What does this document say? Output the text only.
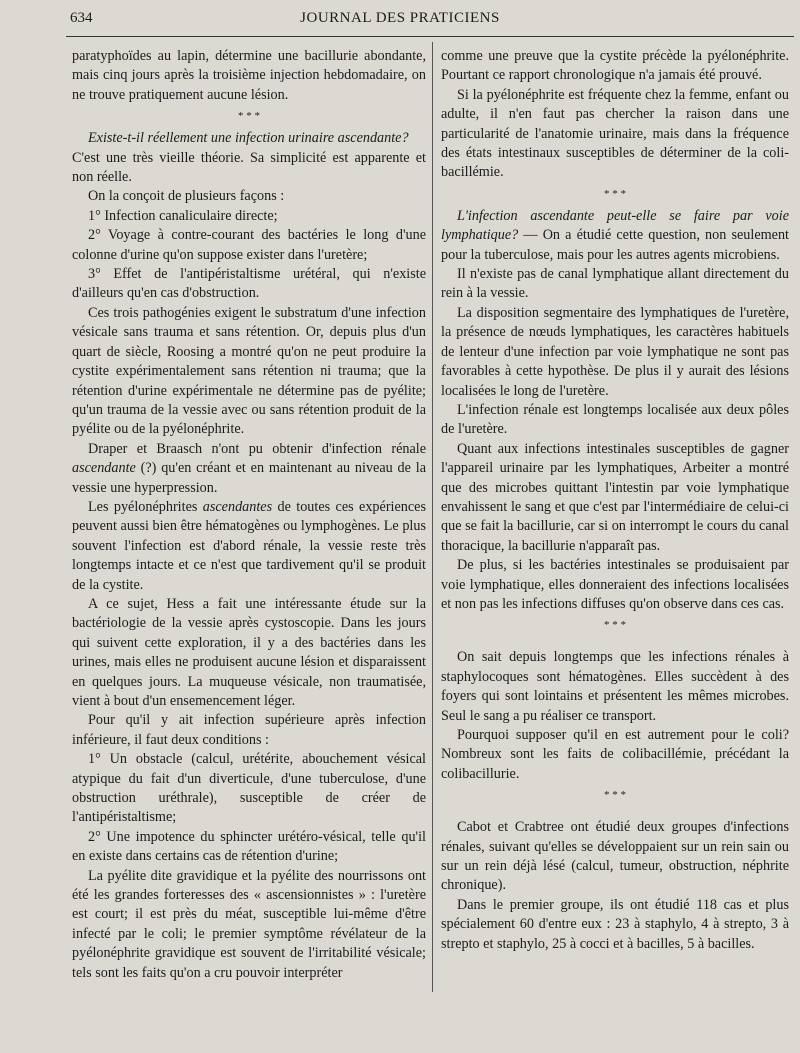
634	JOURNAL DES PRATICIENS

paratyphoïdes au lapin, détermine une bacillurie abondante, mais cinq jours après la troisième injection hebdomadaire, on ne trouve pratiquement aucune lésion.

* * *

Existe-t-il réellement une infection urinaire ascendante?

C'est une très vieille théorie. Sa simplicité est apparente et non réelle.

On la conçoit de plusieurs façons :

1° Infection canaliculaire directe;

2° Voyage à contre-courant des bactéries le long d'une colonne d'urine qu'on suppose exister dans l'uretère;

3° Effet de l'antipéristaltisme urétéral, qui n'existe d'ailleurs qu'en cas d'obstruction.

Ces trois pathogénies exigent le substratum d'une infection vésicale sans trauma et sans rétention. Or, depuis plus d'un quart de siècle, Roosing a montré qu'on ne peut produire la cystite expérimentalement sans rétention ni trauma; que la rétention d'urine expérimentale ne détermine pas de pyélite; qu'un trauma de la vessie avec ou sans rétention produit de la pyélite ou de la pyélonéphrite.

Draper et Braasch n'ont pu obtenir d'infection rénale ascendante (?) qu'en créant et en maintenant au niveau de la vessie une hyperpression.

Les pyélonéphrites ascendantes de toutes ces expériences peuvent aussi bien être hématogènes ou lymphogènes. Le plus souvent l'infection est d'abord rénale, la vessie reste très longtemps intacte et ce n'est que tardivement qu'il se produit de la cystite.

A ce sujet, Hess a fait une intéressante étude sur la bactériologie de la vessie après cystoscopie. Dans les jours qui suivent cette exploration, il y a des bactéries dans les urines, mais elles ne produisent aucune lésion et disparaissent en quelques jours. La muqueuse vésicale, non traumatisée, vient à bout d'un ensemencement léger.

Pour qu'il y ait infection supérieure après infection inférieure, il faut deux conditions :

1° Un obstacle (calcul, urétérite, abouchement vésical atypique du fait d'un diverticule, d'une tuberculose, d'une obstruction uréthrale), susceptible de créer de l'antipéristaltisme;

2° Une impotence du sphincter urétéro-vésical, telle qu'il en existe dans certains cas de rétention d'urine;

La pyélite dite gravidique et la pyélite des nourrissons ont été les grandes forteresses des « ascensionnistes » : l'uretère est court; il est près du méat, susceptible lui-même d'être infecté par le coli; le premier symptôme révélateur de la pyélonéphrite gravidique est souvent de l'irritabilité vésicale; tels sont les faits qu'on a cru pouvoir interpréter

comme une preuve que la cystite précède la pyélonéphrite. Pourtant ce rapport chronologique n'a jamais été prouvé.

Si la pyélonéphrite est fréquente chez la femme, enfant ou adulte, il n'en faut pas chercher la raison dans une particularité de l'anatomie urinaire, mais dans la fréquence des états intestinaux susceptibles de déterminer de la coli-bacillémie.

* * *

L'infection ascendante peut-elle se faire par voie lymphatique? — On a étudié cette question, non seulement pour la tuberculose, mais pour les autres agents microbiens.

Il n'existe pas de canal lymphatique allant directement du rein à la vessie.

La disposition segmentaire des lymphatiques de l'uretère, la présence de nœuds lymphatiques, les caractères habituels de lenteur d'une infection par voie lymphatique ne sont pas favorables à cette hypothèse. De plus il y aurait des lésions localisées le long de l'uretère.

L'infection rénale est longtemps localisée aux deux pôles de l'uretère.

Quant aux infections intestinales susceptibles de gagner l'appareil urinaire par les lymphatiques, Arbeiter a montré que des microbes quittant l'intestin par voie lymphatique envahissent le sang et que c'est par l'intermédiaire de celui-ci que se fait la bacillurie, car si on interrompt le cours du canal thoracique, la bacillurie n'apparaît pas.

De plus, si les bactéries intestinales se produisaient par voie lymphatique, elles donneraient des infections localisées et non pas les infections diffuses qu'on observe dans ces cas.

* * *

On sait depuis longtemps que les infections rénales à staphylocoques sont hématogènes. Elles succèdent à des foyers qui sont lointains et présentent les mêmes microbes. Seul le sang a pu réaliser ce transport.

Pourquoi supposer qu'il en est autrement pour le coli? Nombreux sont les faits de colibacillémie, précédant la colibacillurie.

* * *

Cabot et Crabtree ont étudié deux groupes d'infections rénales, suivant qu'elles se développaient sur un rein sain ou sur un rein déjà lésé (calcul, tumeur, obstruction, néphrite chronique).

Dans le premier groupe, ils ont étudié 118 cas et plus spécialement 60 d'entre eux : 23 à staphylo, 4 à strepto, 3 à strepto et staphylo, 25 à cocci et à bacilles, 5 à bacilles.
